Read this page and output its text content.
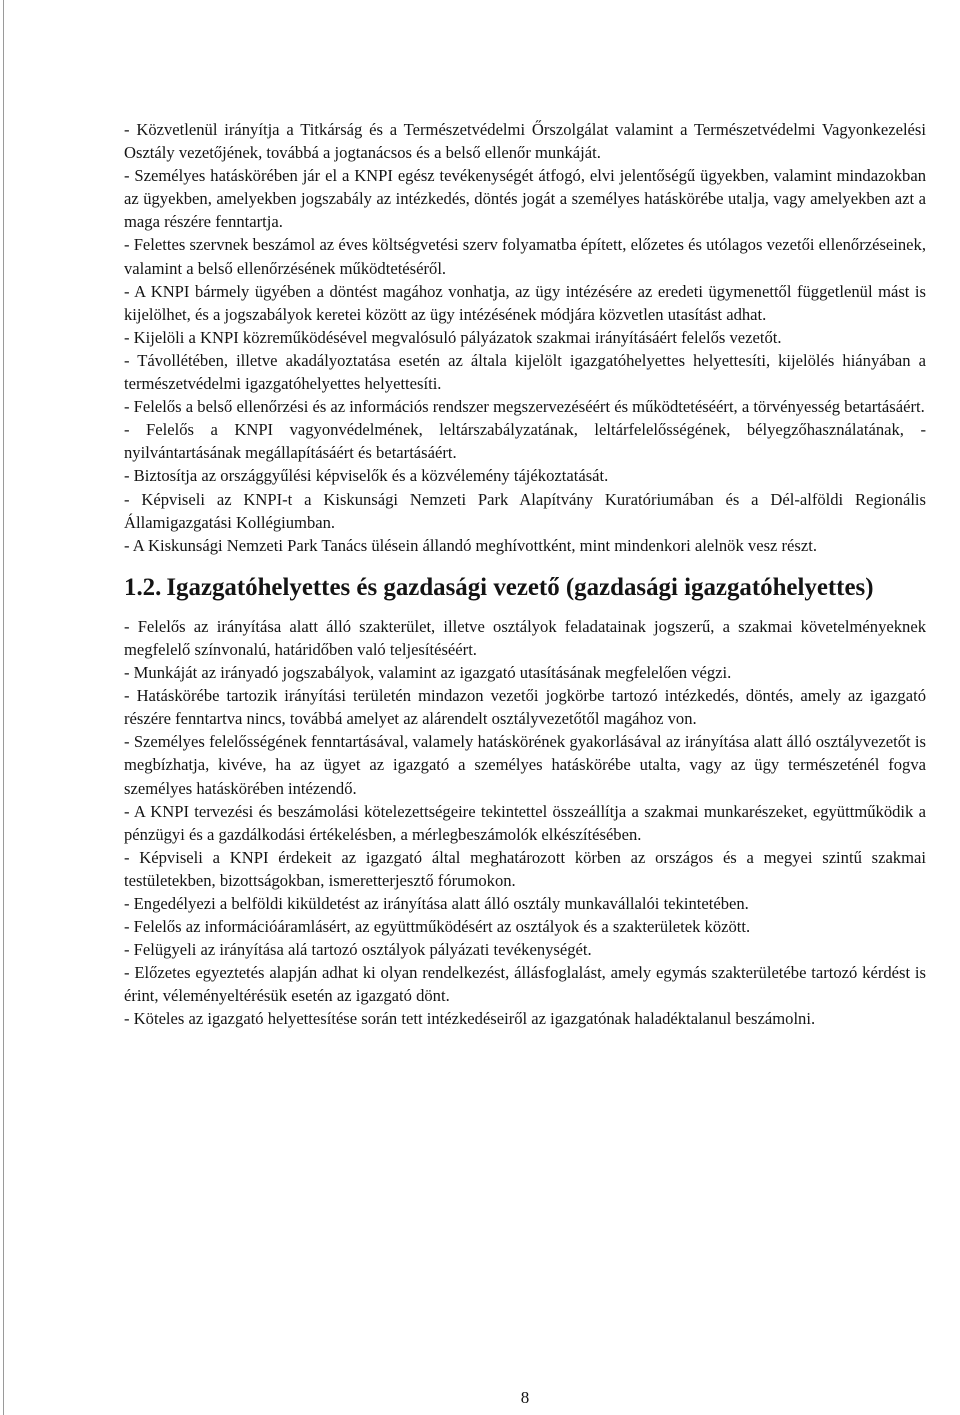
- Közvetlenül irányítja a Titkárság és a Természetvédelmi Őrszolgálat valamint a Természetvédelmi Vagyonkezelési Osztály vezetőjének, továbbá a jogtanácsos és a belső ellenőr munkáját.

- Személyes hatáskörében jár el a KNPI egész tevékenységét átfogó, elvi jelentőségű ügyekben, valamint mindazokban az ügyekben, amelyekben jogszabály az intézkedés, döntés jogát a személyes hatáskörébe utalja, vagy amelyekben azt a maga részére fenntartja.

- Felettes szervnek beszámol az éves költségvetési szerv folyamatba épített, előzetes és utólagos vezetői ellenőrzéseinek, valamint a belső ellenőrzésének működtetéséről.

- A KNPI bármely ügyében a döntést magához vonhatja, az ügy intézésére az eredeti ügymenettől függetlenül mást is kijelölhet, és a jogszabályok keretei között az ügy intézésének módjára közvetlen utasítást adhat.

- Kijelöli a KNPI közreműködésével megvalósuló pályázatok szakmai irányításáért felelős vezetőt.

- Távollétében, illetve akadályoztatása esetén az általa kijelölt igazgatóhelyettes helyettesíti, kijelölés hiányában a természetvédelmi igazgatóhelyettes helyettesíti.

- Felelős a belső ellenőrzési és az információs rendszer megszervezéséért és működtetéséért, a törvényesség betartásáért.

- Felelős a KNPI vagyonvédelmének, leltárszabályzatának, leltárfelelősségének, bélyegzőhasználatának, -nyilvántartásának megállapításáért és betartásáért.

- Biztosítja az országgyűlési képviselők és a közvélemény tájékoztatását.

- Képviseli az KNPI-t a Kiskunsági Nemzeti Park Alapítvány Kuratóriumában és a Dél-alföldi Regionális Államigazgatási Kollégiumban.

- A Kiskunsági Nemzeti Park Tanács ülésein állandó meghívottként, mint mindenkori alelnök vesz részt.

1.2. Igazgatóhelyettes és gazdasági vezető (gazdasági igazgatóhelyettes)

- Felelős az irányítása alatt álló szakterület, illetve osztályok feladatainak jogszerű, a szakmai követelményeknek megfelelő színvonalú, határidőben való teljesítéséért.

- Munkáját az irányadó jogszabályok, valamint az igazgató utasításának megfelelően végzi.

- Hatáskörébe tartozik irányítási területén mindazon vezetői jogkörbe tartozó intézkedés, döntés, amely az igazgató részére fenntartva nincs, továbbá amelyet az alárendelt osztályvezetőtől magához von.

- Személyes felelősségének fenntartásával, valamely hatáskörének gyakorlásával az irányítása alatt álló osztályvezetőt is megbízhatja, kivéve, ha az ügyet az igazgató a személyes hatáskörébe utalta, vagy az ügy természeténél fogva személyes hatáskörében intézendő.

- A KNPI tervezési és beszámolási kötelezettségeire tekintettel összeállítja a szakmai munkarészeket, együttműködik a pénzügyi és a gazdálkodási értékelésben, a mérlegbeszámolók elkészítésében.

- Képviseli a KNPI érdekeit az igazgató által meghatározott körben az országos és a megyei szintű szakmai testületekben, bizottságokban, ismeretterjesztő fórumokon.

- Engedélyezi a belföldi kiküldetést az irányítása alatt álló osztály munkavállalói tekintetében.

- Felelős az információáramlásért, az együttműködésért az osztályok és a szakterületek között.

- Felügyeli az irányítása alá tartozó osztályok pályázati tevékenységét.

- Előzetes egyeztetés alapján adhat ki olyan rendelkezést, állásfoglalást, amely egymás szakterületébe tartozó kérdést is érint, véleményeltérésük esetén az igazgató dönt.

- Köteles az igazgató helyettesítése során tett intézkedéseiről az igazgatónak haladéktalanul beszámolni.

8
